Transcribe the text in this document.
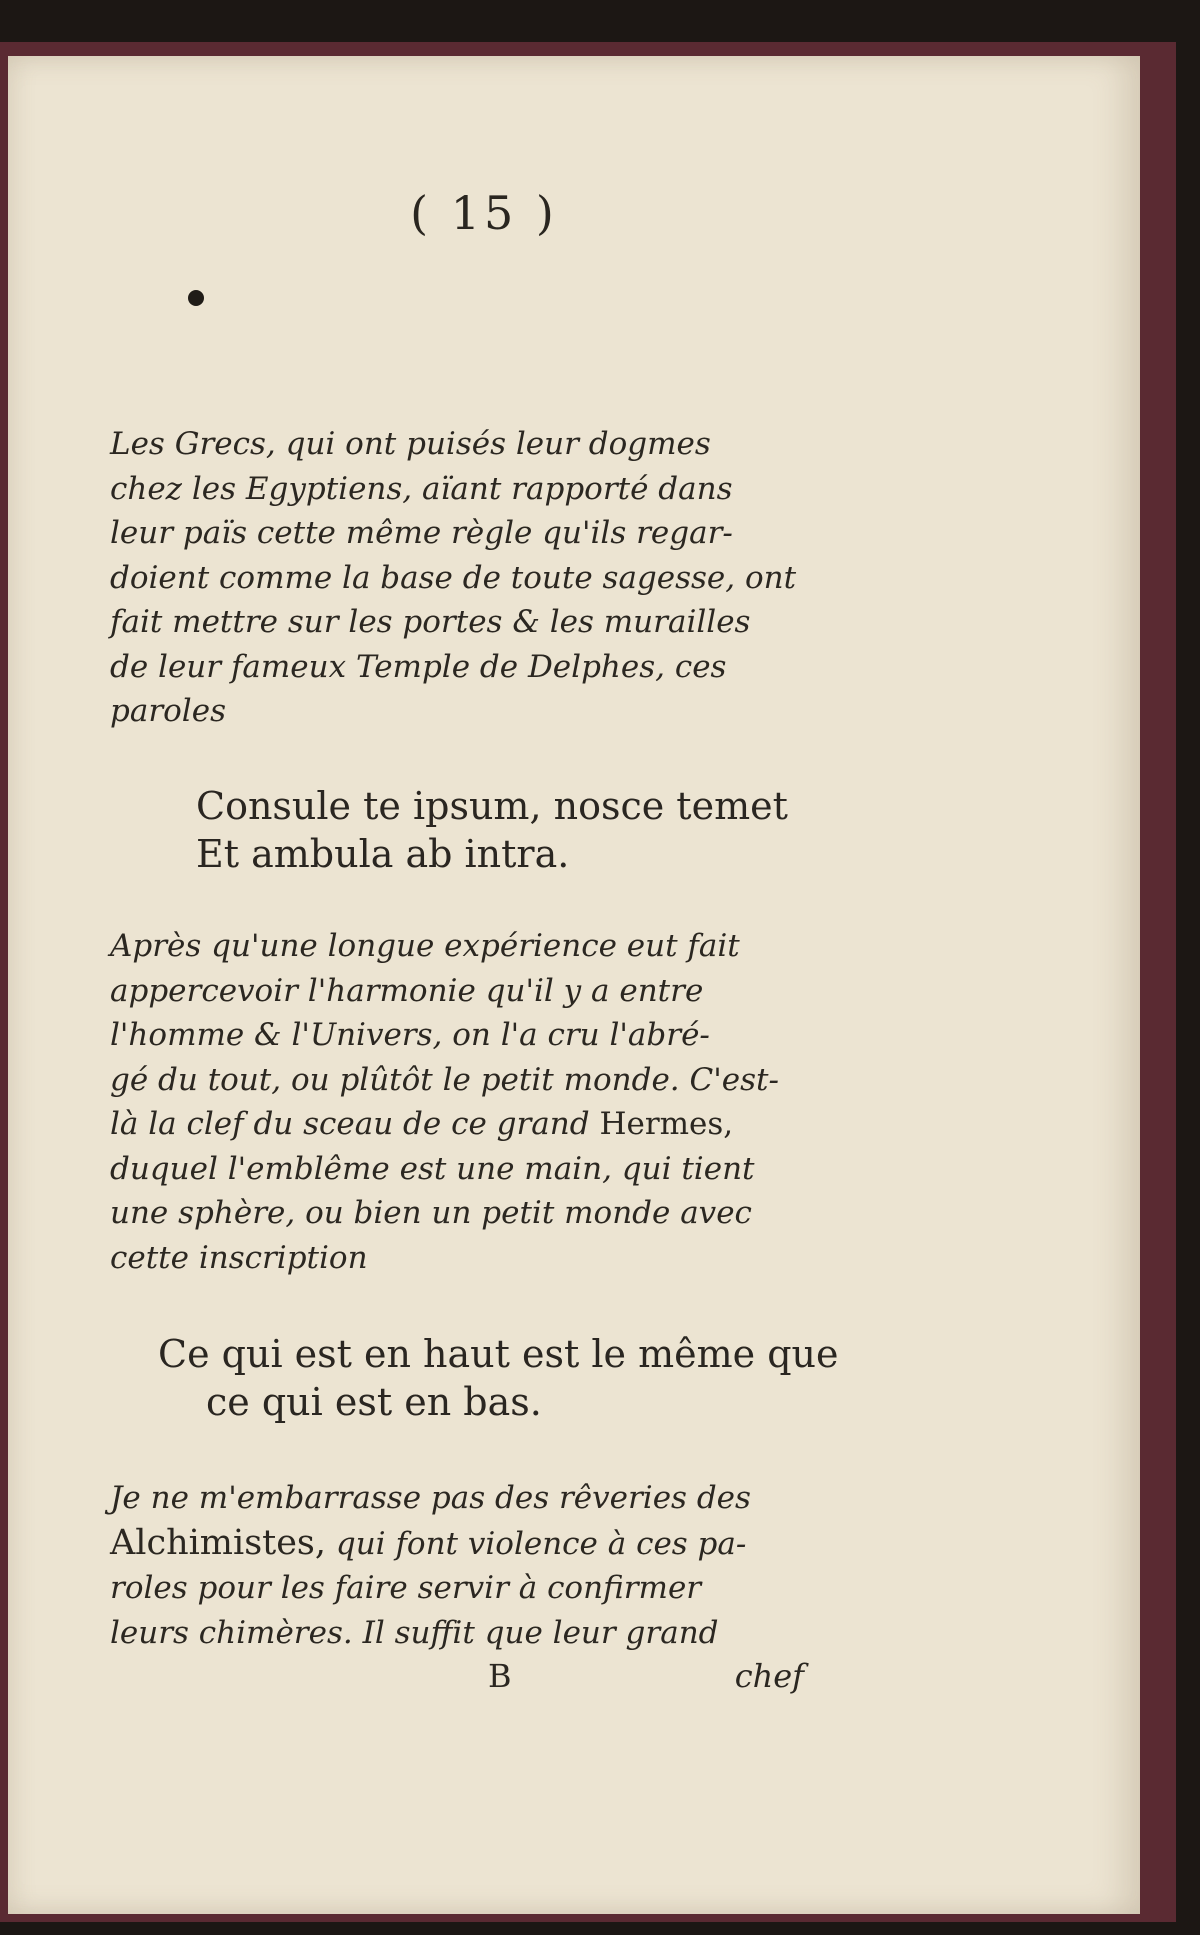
( 15 )
Les Grecs, qui ont puisés leur dogmes
chez les Egyptiens, aïant rapporté dans
leur païs cette même règle qu'ils regar-
doient comme la base de toute sagesse, ont
fait mettre sur les portes & les murailles
de leur fameux Temple de Delphes, ces
paroles
Consule te ipsum, nosce temet
Et ambula ab intra.
Après qu'une longue expérience eut fait
appercevoir l'harmonie qu'il y a entre
l'homme & l'Univers, on l'a cru l'abré-
gé du tout, ou plûtôt le petit monde. C'est-
là la clef du sceau de ce grand Hermes,
duquel l'emblême est une main, qui tient
une sphère, ou bien un petit monde avec
cette inscription
Ce qui est en haut est le même que
ce qui est en bas.
Je ne m'embarrasse pas des rêveries des
Alchimistes, qui font violence à ces pa-
roles pour les faire servir à confirmer
leurs chimères. Il suffit que leur grand
B	chef
